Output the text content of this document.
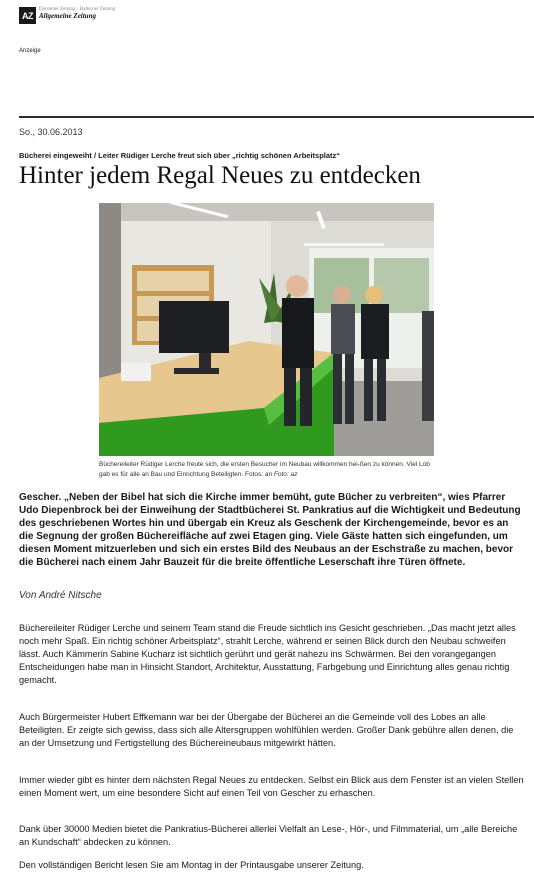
AZ
Dorstener Zeitung · Halterner Zeitung
Allgemeine Zeitung
Anzeige
So., 30.06.2013
Bücherei eingeweiht / Leiter Rüdiger Lerche freut sich über „richtig schönen Arbeitsplatz“
Hinter jedem Regal Neues zu entdecken
Büchereileiter Rüdiger Lerche freute sich, die ersten Besucher im Neubau willkommen hei-ßen zu können. Viel Lob gab es für alle an Bau und Einrichtung Beteiligten. Fotos: an Foto: az

Gescher. „Neben der Bibel hat sich die Kirche immer bemüht, gute Bücher zu verbreiten“, wies Pfarrer Udo Diepenbrock bei der Einweihung der Stadtbücherei St. Pankratius auf die Wichtigkeit und Bedeutung des geschriebenen Wortes hin und übergab ein Kreuz als Geschenk der Kirchengemeinde, bevor es an die Segnung der großen Büchereifläche auf zwei Etagen ging. Viele Gäste hatten sich eingefunden, um diesen Moment mitzuerleben und sich ein erstes Bild des Neubaus an der Eschstraße zu machen, bevor die Bücherei nach einem Jahr Bauzeit für die breite öffentliche Leserschaft ihre Türen öffnete.

Von André Nitsche

Büchereileiter Rüdiger Lerche und seinem Team stand die Freude sichtlich ins Gesicht geschrieben. „Das macht jetzt alles noch mehr Spaß. Ein richtig schöner Arbeitsplatz“, strahlt Lerche, während er seinen Blick durch den Neubau schweifen lässt. Auch Kämmerin Sabine Kucharz ist sichtlich gerührt und gerät nahezu ins Schwärmen. Bei den vorangegangen Entscheidungen habe man in Hinsicht Standort, Architektur, Ausstattung, Farbgebung und Einrichtung alles genau richtig gemacht.

Auch Bürgermeister Hubert Effkemann war bei der Übergabe der Bücherei an die Gemeinde voll des Lobes an alle Beteiligten. Er zeigte sich gewiss, dass sich alle Altersgruppen wohlfühlen werden. Großer Dank gebühre allen denen, die an der Umsetzung und Fertigstellung des Büchereineubaus mitgewirkt hätten.

Immer wieder gibt es hinter dem nächsten Regal Neues zu entdecken. Selbst ein Blick aus dem Fenster ist an vielen Stellen einen Moment wert, um eine besondere Sicht auf einen Teil von Gescher zu erhaschen.

Dank über 30000 Medien bietet die Pankratius-Bücherei allerlei Vielfalt an Lese-, Hör-, und Filmmaterial, um „alle Bereiche an Kundschaft“ abdecken zu können.

Den vollständigen Bericht lesen Sie am Montag in der Printausgabe unserer Zeitung.
